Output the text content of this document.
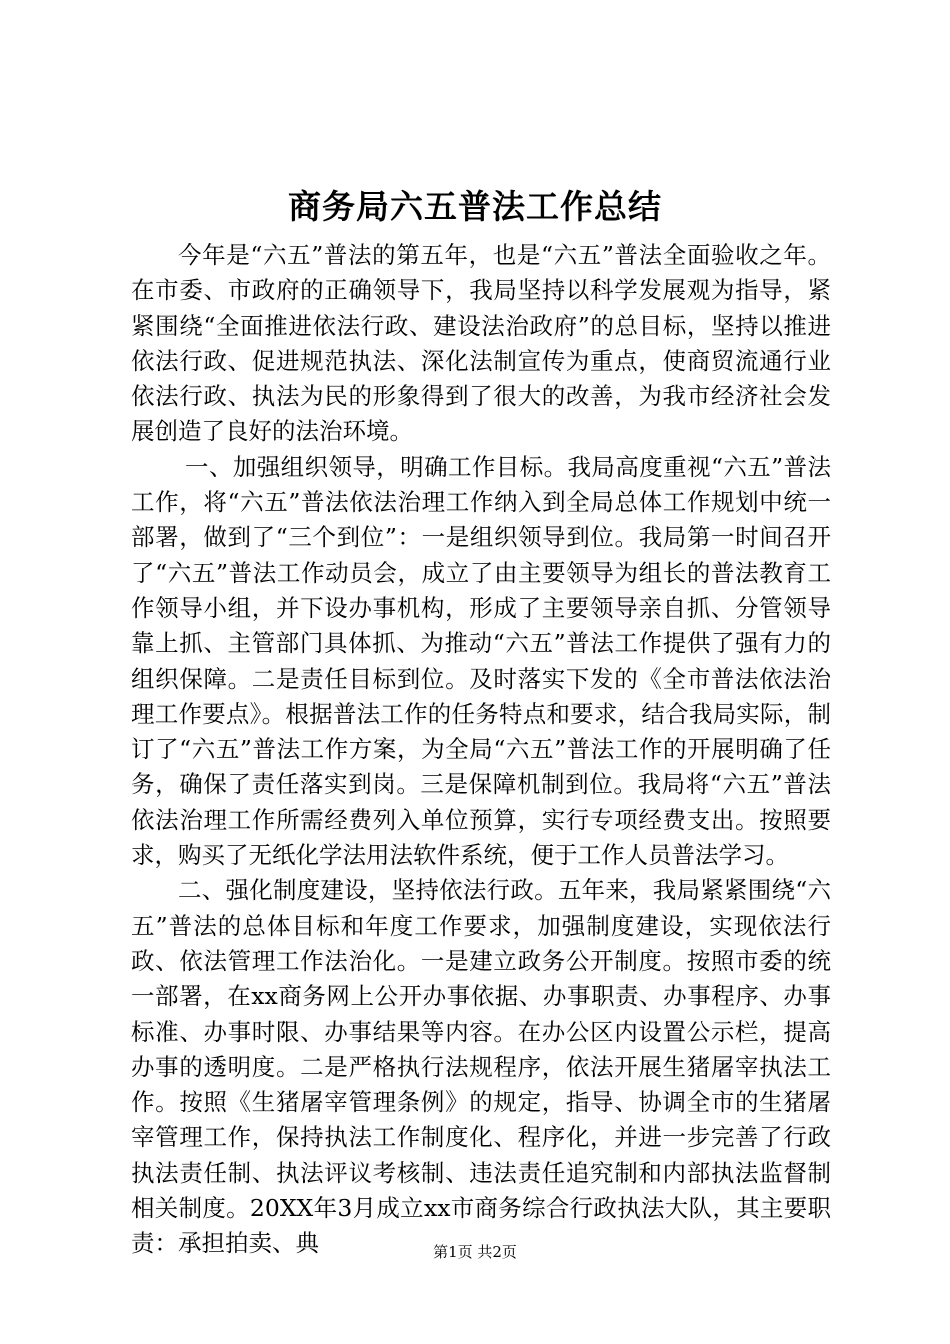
商务局六五普法工作总结

今年是“六五”普法的第五年，也是“六五”普法全面验收之年。在市委、市政府的正确领导下，我局坚持以科学发展观为指导，紧紧围绕“全面推进依法行政、建设法治政府”的总目标，坚持以推进依法行政、促进规范执法、深化法制宣传为重点，使商贸流通行业依法行政、执法为民的形象得到了很大的改善，为我市经济社会发展创造了良好的法治环境。

一、加强组织领导，明确工作目标。我局高度重视“六五”普法工作，将“六五”普法依法治理工作纳入到全局总体工作规划中统一部署，做到了“三个到位”：一是组织领导到位。我局第一时间召开了“六五”普法工作动员会，成立了由主要领导为组长的普法教育工作领导小组，并下设办事机构，形成了主要领导亲自抓、分管领导靠上抓、主管部门具体抓、为推动“六五”普法工作提供了强有力的组织保障。二是责任目标到位。及时落实下发的《全市普法依法治理工作要点》。根据普法工作的任务特点和要求，结合我局实际，制订了“六五”普法工作方案，为全局“六五”普法工作的开展明确了任务，确保了责任落实到岗。三是保障机制到位。我局将“六五”普法依法治理工作所需经费列入单位预算，实行专项经费支出。按照要求，购买了无纸化学法用法软件系统，便于工作人员普法学习。

二、强化制度建设，坚持依法行政。五年来，我局紧紧围绕“六五”普法的总体目标和年度工作要求，加强制度建设，实现依法行政、依法管理工作法治化。一是建立政务公开制度。按照市委的统一部署，在xx商务网上公开办事依据、办事职责、办事程序、办事标准、办事时限、办事结果等内容。在办公区内设置公示栏，提高办事的透明度。二是严格执行法规程序，依法开展生猪屠宰执法工作。按照《生猪屠宰管理条例》的规定，指导、协调全市的生猪屠宰管理工作，保持执法工作制度化、程序化，并进一步完善了行政执法责任制、执法评议考核制、违法责任追究制和内部执法监督制相关制度。20XX年3月成立xx市商务综合行政执法大队，其主要职责：承担拍卖、典	第1页 共2页
